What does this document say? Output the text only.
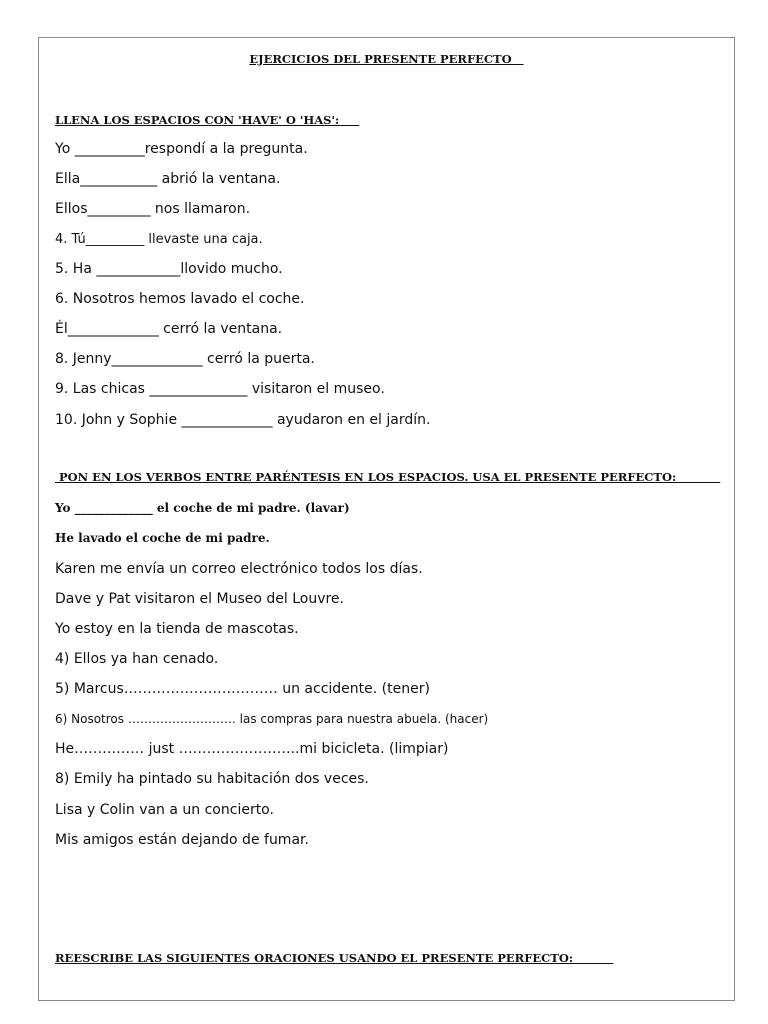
EJERCICIOS DEL PRESENTE PERFECTO
LLENA LOS ESPACIOS CON 'HAVE' O 'HAS':
Yo __________respondí a la pregunta.
Ella___________ abrió la ventana.
Ellos_________ nos llamaron.
4. Tú_________ llevaste una caja.
5. Ha ____________llovido mucho.
6. Nosotros hemos lavado el coche.
Él_____________ cerró la ventana.
8. Jenny_____________ cerró la puerta.
9. Las chicas ______________ visitaron el museo.
10. John y Sophie _____________ ayudaron en el jardín.
PON EN LOS VERBOS ENTRE PARÉNTESIS EN LOS ESPACIOS. USA EL PRESENTE PERFECTO:
Yo _____________ el coche de mi padre. (lavar)
He lavado el coche de mi padre.
Karen me envía un correo electrónico todos los días.
Dave y Pat visitaron el Museo del Louvre.
Yo estoy en la tienda de mascotas.
4) Ellos ya han cenado.
5) Marcus…………………………… un accidente. (tener)
6) Nosotros ……………………… las compras para nuestra abuela. (hacer)
He…………… just ……………………..mi bicicleta. (limpiar)
8) Emily ha pintado su habitación dos veces.
Lisa y Colin van a un concierto.
Mis amigos están dejando de fumar.
REESCRIBE LAS SIGUIENTES ORACIONES USANDO EL PRESENTE PERFECTO:
